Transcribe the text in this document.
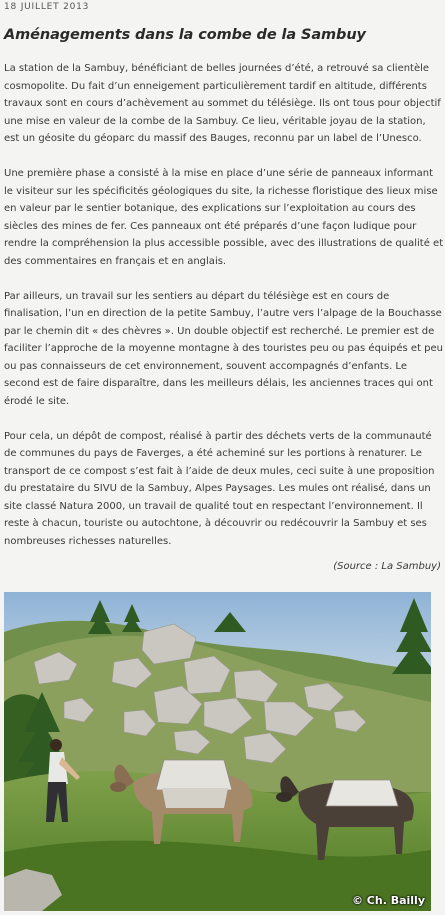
18 JUILLET 2013
Aménagements dans la combe de la Sambuy

La station de la Sambuy, bénéficiant de belles journées d’été, a retrouvé sa clientèle cosmopolite. Du fait d’un enneigement particulièrement tardif en altitude, différents travaux sont en cours d’achèvement au sommet du télésiège. Ils ont tous pour objectif une mise en valeur de la combe de la Sambuy. Ce lieu, véritable joyau de la station, est un géosite du géoparc du massif des Bauges, reconnu par un label de l’Unesco.

Une première phase a consisté à la mise en place d’une série de panneaux informant le visiteur sur les spécificités géologiques du site, la richesse floristique des lieux mise en valeur par le sentier botanique, des explications sur l’exploitation au cours des siècles des mines de fer. Ces panneaux ont été préparés d’une façon ludique pour rendre la compréhension la plus accessible possible, avec des illustrations de qualité et des commentaires en français et en anglais.

Par ailleurs, un travail sur les sentiers au départ du télésiège est en cours de finalisation, l’un en direction de la petite Sambuy, l’autre vers l’alpage de la Bouchasse par le chemin dit « des chèvres ». Un double objectif est recherché. Le premier est de faciliter l’approche de la moyenne montagne à des touristes peu ou pas équipés et peu ou pas connaisseurs de cet environnement, souvent accompagnés d’enfants. Le second est de faire disparaître, dans les meilleurs délais, les anciennes traces qui ont érodé le site.

Pour cela, un dépôt de compost, réalisé à partir des déchets verts de la communauté de communes du pays de Faverges, a été acheminé sur les portions à renaturer. Le transport de ce compost s’est fait à l’aide de deux mules, ceci suite à une proposition du prestataire du SIVU de la Sambuy, Alpes Paysages. Les mules ont réalisé, dans un site classé Natura 2000, un travail de qualité tout en respectant l’environnement. Il reste à chacun, touriste ou autochtone, à découvrir ou redécouvrir la Sambuy et ses nombreuses richesses naturelles.

(Source : La Sambuy)
© Ch. Bailly
